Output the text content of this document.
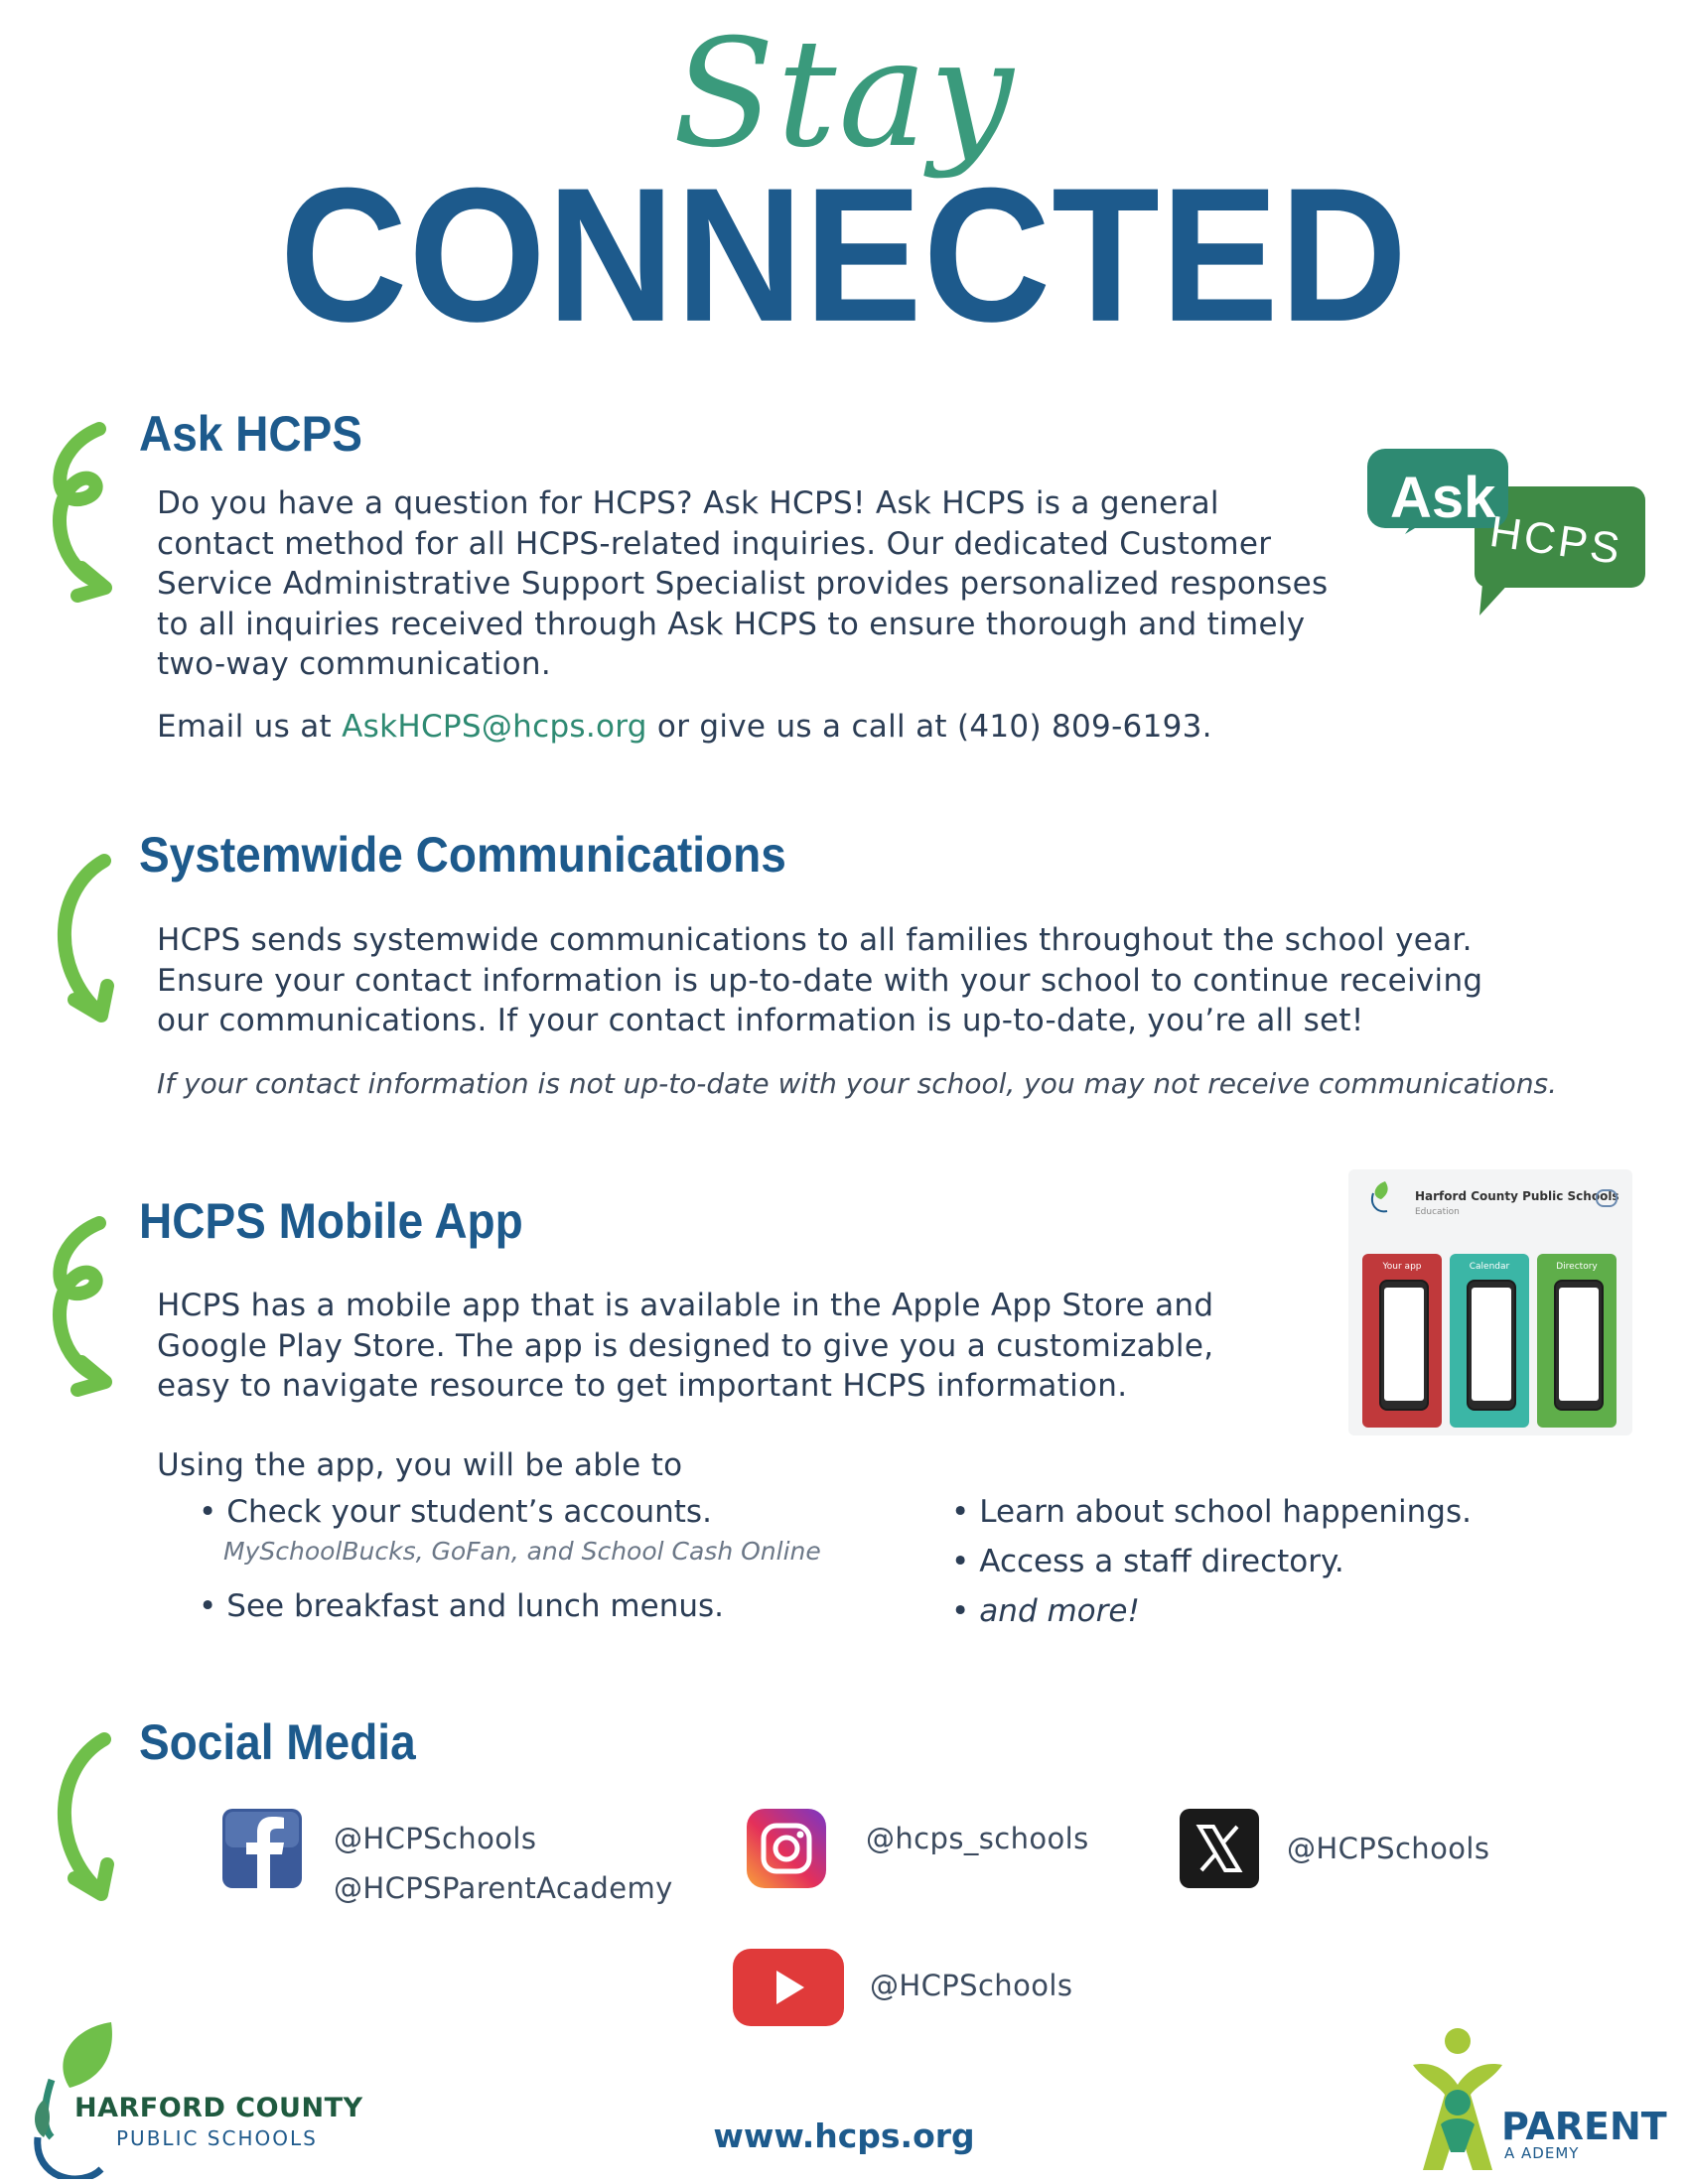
Stay
CONNECTED
Ask HCPS
Do you have a question for HCPS? Ask HCPS! Ask HCPS is a general
contact method for all HCPS-related inquiries. Our dedicated Customer
Service Administrative Support Specialist provides personalized responses
to all inquiries received through Ask HCPS to ensure thorough and timely
two-way communication.
Email us at AskHCPS@hcps.org or give us a call at (410) 809-6193.
Ask
HCPS
Systemwide Communications
HCPS sends systemwide communications to all families throughout the school year.
Ensure your contact information is up-to-date with your school to continue receiving
our communications. If your contact information is up-to-date, you’re all set!
If your contact information is not up-to-date with your school, you may not receive communications.
HCPS Mobile App
HCPS has a mobile app that is available in the Apple App Store and
Google Play Store. The app is designed to give you a customizable,
easy to navigate resource to get important HCPS information.
Using the app, you will be able to
• Check your student’s accounts.
MySchoolBucks, GoFan, and School Cash Online
• See breakfast and lunch menus.
• Learn about school happenings.
• Access a staff directory.
• and more!
Harford County Public Schools
Education
Your app	Calendar	Directory
Social Media
@HCPSchools
@HCPSParentAcademy
@hcps_schools	@HCPSchools
@HCPSchools
HARFORD COUNTY
PUBLIC SCHOOLS	www.hcps.org	PARENT
A ADEMY
